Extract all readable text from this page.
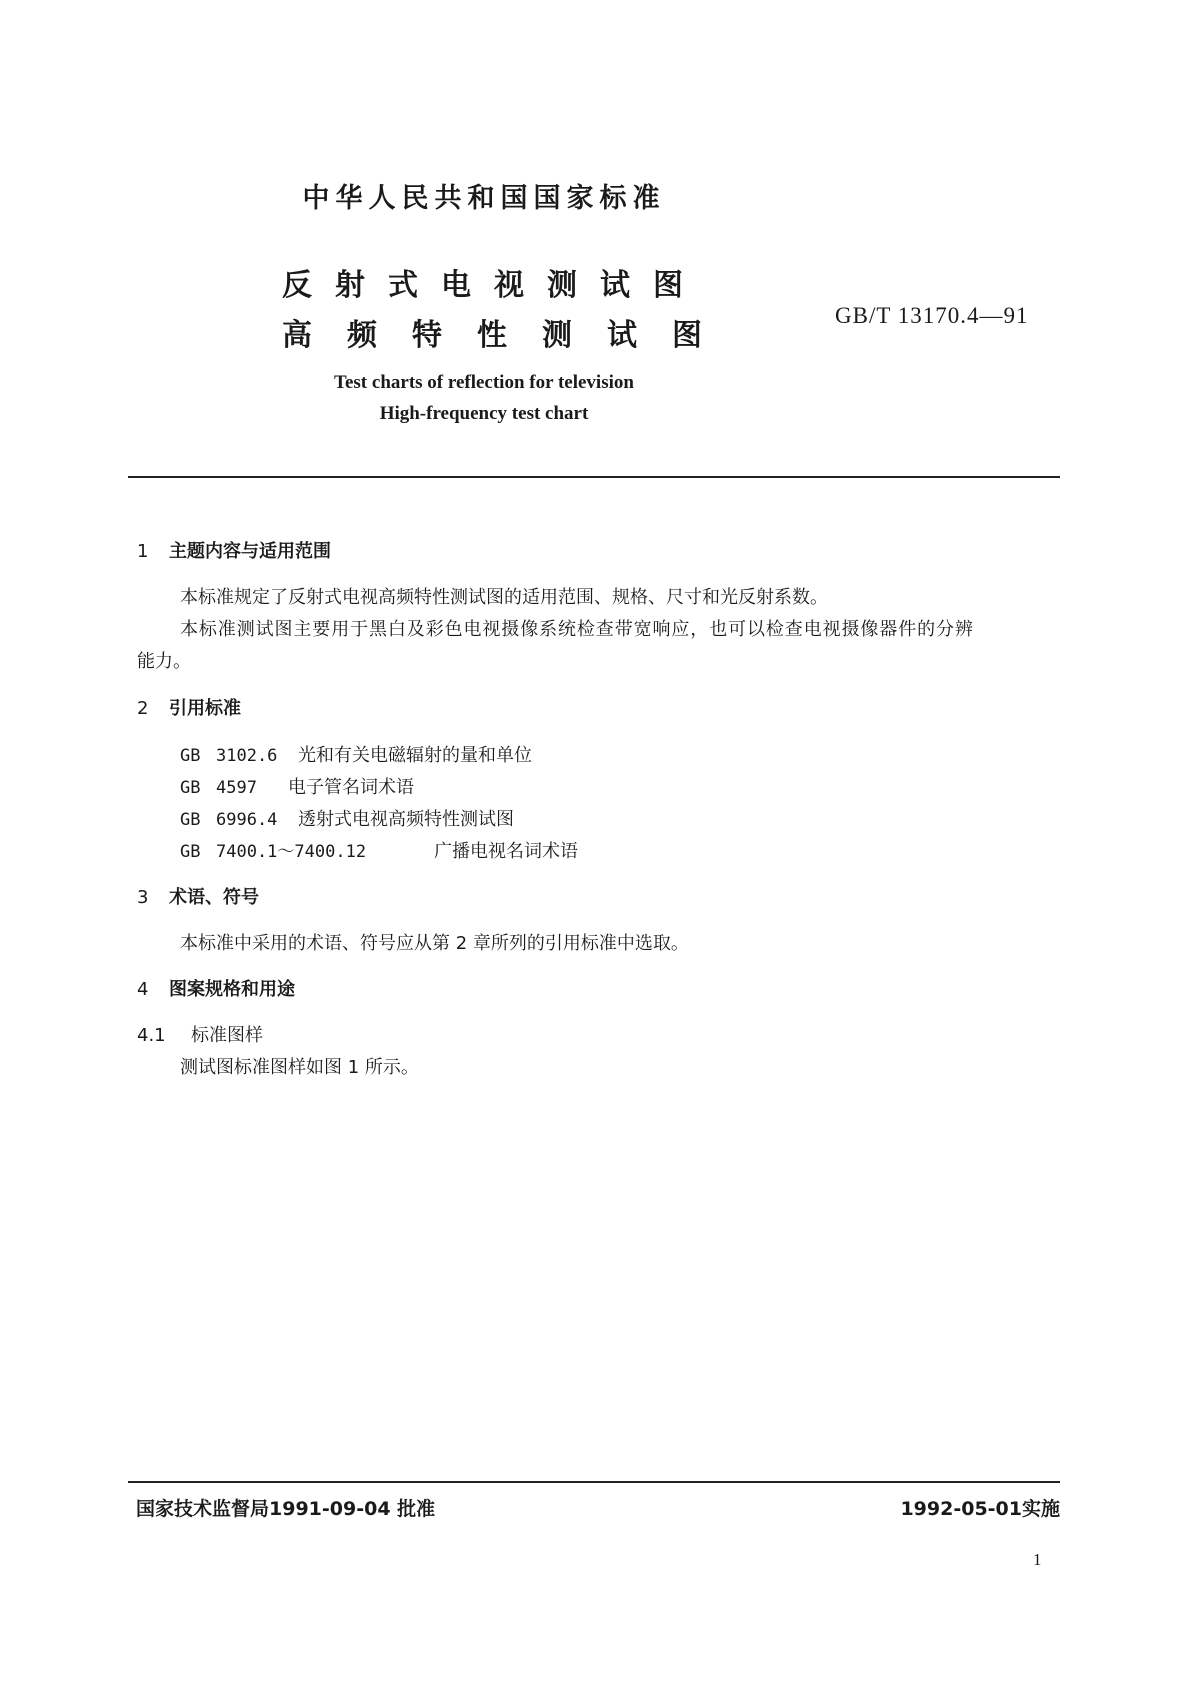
中华人民共和国国家标准
反射式电视测试图
高频特性测试图
GB/T 13170.4—91
Test charts of reflection for television
High-frequency test chart
1 主题内容与适用范围
本标准规定了反射式电视高频特性测试图的适用范围、规格、尺寸和光反射系数。
本标准测试图主要用于黑白及彩色电视摄像系统检查带宽响应，也可以检查电视摄像器件的分辨
能力。
2 引用标准
GB 3102.6 光和有关电磁辐射的量和单位
GB 4597 电子管名词术语
GB 6996.4 透射式电视高频特性测试图
GB 7400.1～7400.12	广播电视名词术语
3 术语、符号
本标准中采用的术语、符号应从第 2 章所列的引用标准中选取。
4 图案规格和用途
4.1 标准图样
测试图标准图样如图 1 所示。
国家技术监督局1991-09-04 批准	1992-05-01实施
1
